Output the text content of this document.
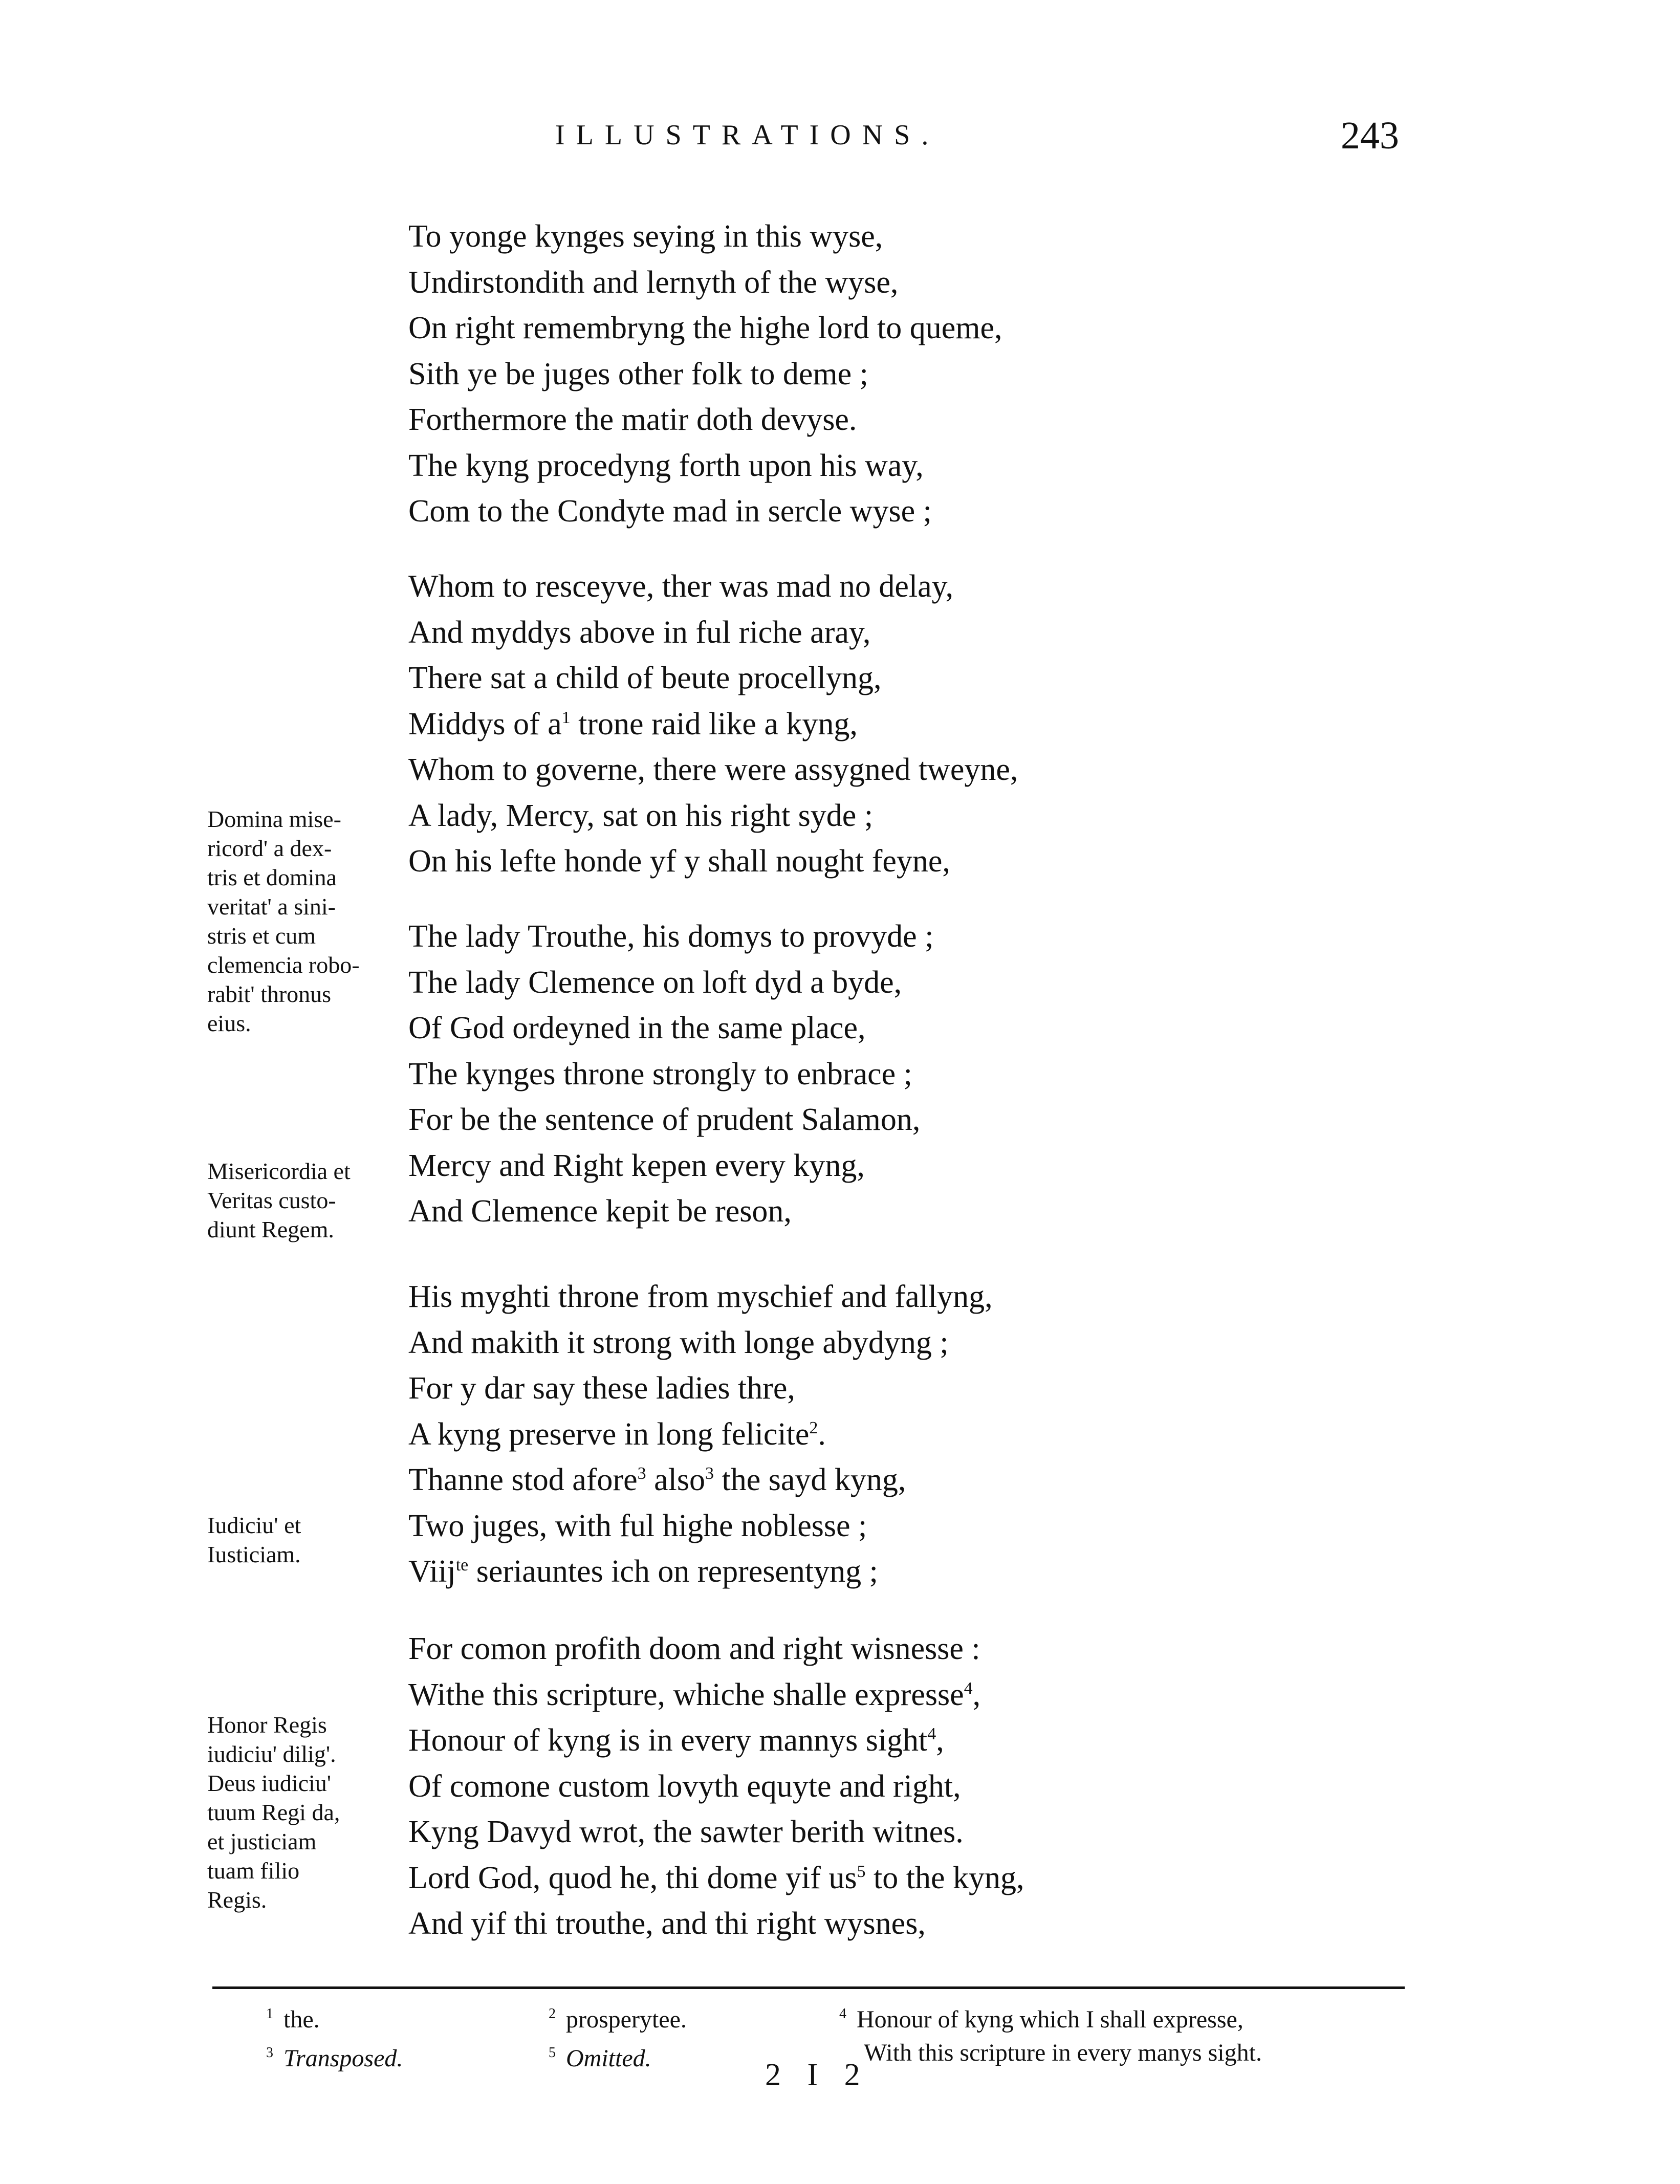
ILLUSTRATIONS.	243
To yonge kynges seying in this wyse,
Undirstondith and lernyth of the wyse,
On right remembryng the highe lord to queme,
Sith ye be juges other folk to deme ;
Forthermore the matir doth devyse.
The kyng procedyng forth upon his way,
Com to the Condyte mad in sercle wyse ;
Whom to resceyve, ther was mad no delay,
And myddys above in ful riche aray,
There sat a child of beute procellyng,
Middys of $a^1$ trone raid like a kyng,
Whom to governe, there were assygned tweyne,
A lady, Mercy, sat on his right syde ;
On his lefte honde yf y shall nought feyne,
The lady Trouthe, his domys to provyde ;
The lady Clemence on loft dyd a byde,
Of God ordeyned in the same place,
The kynges throne strongly to enbrace ;
For be the sentence of prudent Salamon,
Mercy and Right kepen every kyng,
And Clemence kepit be reson,
His myghti throne from myschief and fallyng,
And makith it strong with longe abydyng ;
For y dar say these ladies thre,
A kyng preserve in long felicite$^2$.
Thanne stod afore$^3$ also$^3$ the sayd kyng,
Two juges, with ful highe noblesse ;
Viij$^{te}$ seriauntes ich on representyng ;
For comon profith doom and right wisnesse :
Withe this scripture, whiche shalle expresse$^4$,
Honour of kyng is in every mannys sight$^4$,
Of comone custom lovyth equyte and right,
Kyng Davyd wrot, the sawter berith witnes.
Lord God, quod he, thi dome yif $us^5$ to the kyng,
And yif thi trouthe, and thi right wysnes,
Domina mise-
ricord' a dex-
tris et domina
veritat' a sini-
stris et cum
clemencia robo-
rabit' thronus
eius.
Misericordia et
Veritas custo-
diunt Regem.
Iudiciu' et
Iusticiam.
Honor Regis
iudiciu' dilig'.
Deus iudiciu'
tuum Regi da,
et justiciam
tuam filio
Regis.
$^1$ the.
$^3$ Transposed.
$^2$ prosperytee.
$^5$ Omitted.
$^4$ Honour of kyng which I shall expresse,
With this scripture in every manys sight.
2 I 2
